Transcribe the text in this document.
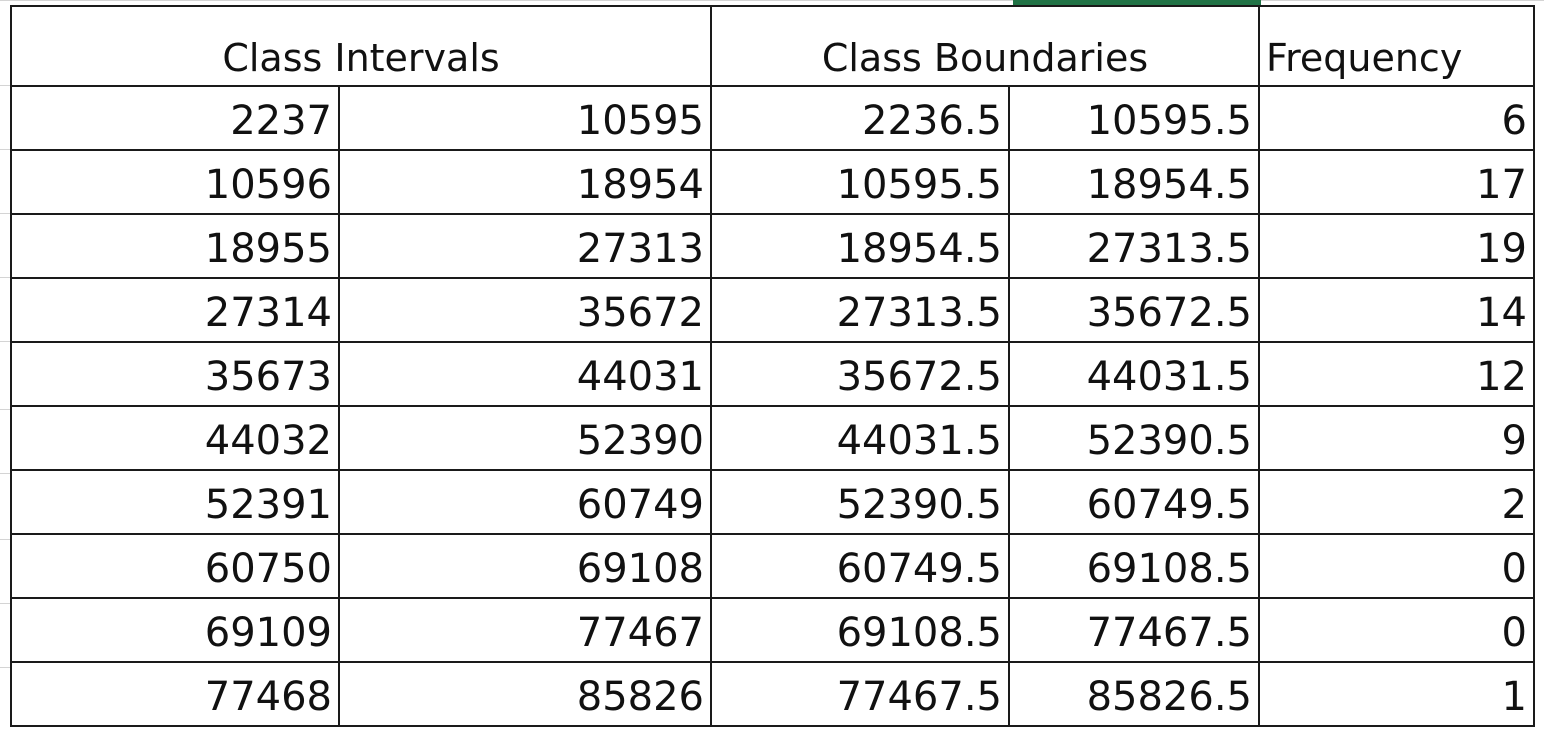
Class Intervals		Class Boundaries		Frequency
2237	10595	2236.5	10595.5	6
10596	18954	10595.5	18954.5	17
18955	27313	18954.5	27313.5	19
27314	35672	27313.5	35672.5	14
35673	44031	35672.5	44031.5	12
44032	52390	44031.5	52390.5	9
52391	60749	52390.5	60749.5	2
60750	69108	60749.5	69108.5	0
69109	77467	69108.5	77467.5	0
77468	85826	77467.5	85826.5	1
